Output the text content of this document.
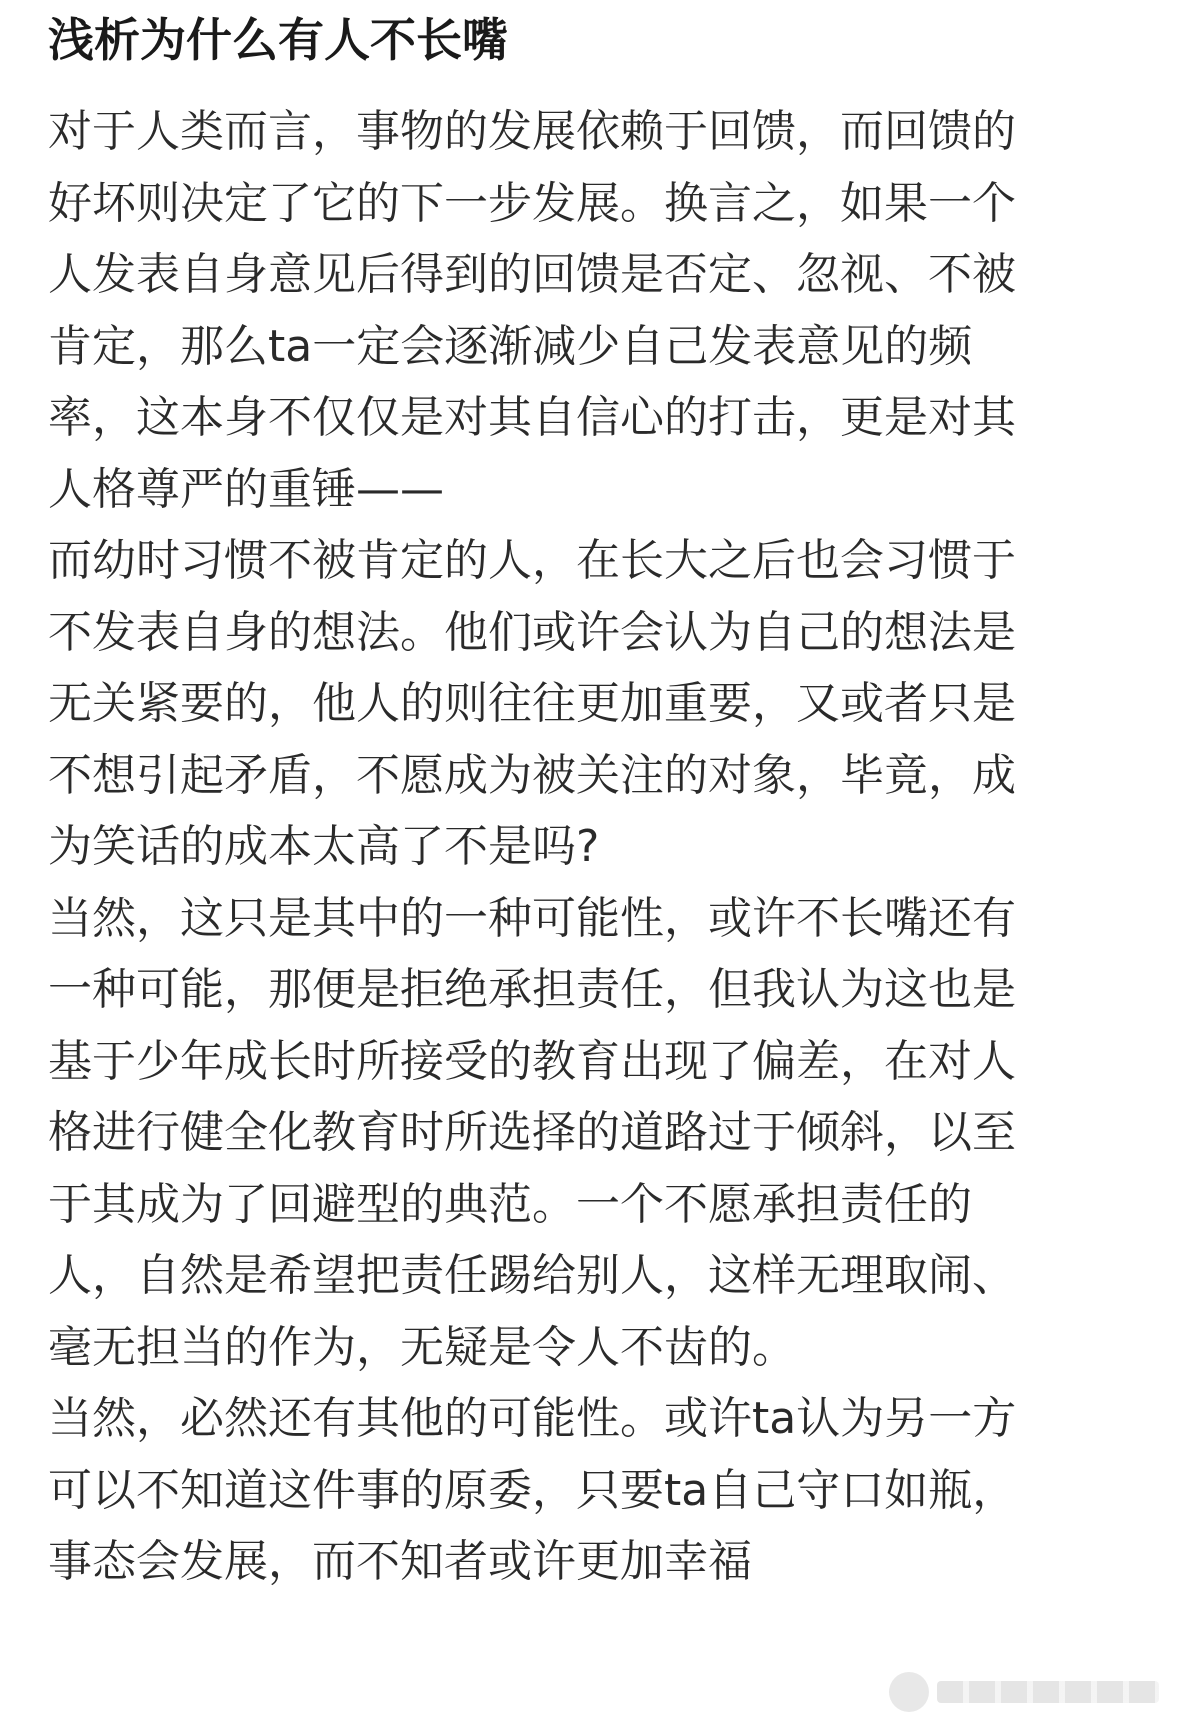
浅析为什么有人不长嘴
对于人类而言，事物的发展依赖于回馈，而回馈的
好坏则决定了它的下一步发展。换言之，如果一个
人发表自身意见后得到的回馈是否定、忽视、不被
肯定，那么ta一定会逐渐减少自己发表意见的频
率，这本身不仅仅是对其自信心的打击，更是对其
人格尊严的重锤——
而幼时习惯不被肯定的人，在长大之后也会习惯于
不发表自身的想法。他们或许会认为自己的想法是
无关紧要的，他人的则往往更加重要，又或者只是
不想引起矛盾，不愿成为被关注的对象，毕竟，成
为笑话的成本太高了不是吗?
当然，这只是其中的一种可能性，或许不长嘴还有
一种可能，那便是拒绝承担责任，但我认为这也是
基于少年成长时所接受的教育出现了偏差，在对人
格进行健全化教育时所选择的道路过于倾斜，以至
于其成为了回避型的典范。一个不愿承担责任的
人，自然是希望把责任踢给别人，这样无理取闹、
毫无担当的作为，无疑是令人不齿的。
当然，必然还有其他的可能性。或许ta认为另一方
可以不知道这件事的原委，只要ta自己守口如瓶，
事态会发展，而不知者或许更加幸福
